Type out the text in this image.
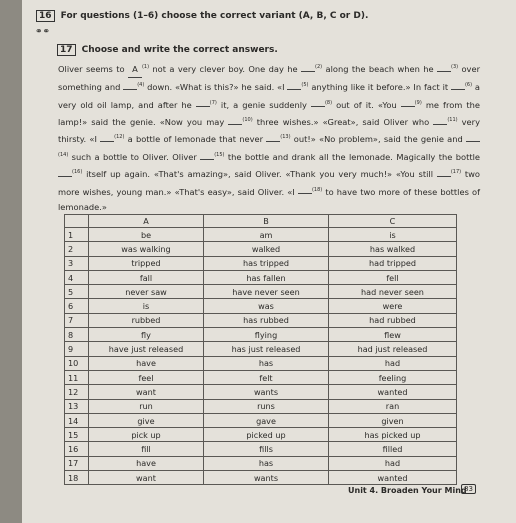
16 For questions (1–6) choose the correct variant (A, B, C or D).
⚭⚭
17 Choose and write the correct answers.
Oliver seems to A $^{(1)}$ not a very clever boy. One day he	$^{(2)}$ along the beach when he	$^{(3)}$ over something and	$^{(4)}$ down. «What is this?» he said. «I	$^{(5)}$ anything like it before.» In fact it	$^{(6)}$ a very old oil lamp, and after he	$^{(7)}$ it, a genie suddenly	$^{(8)}$ out of it. «You	$^{(9)}$ me from the lamp!» said the genie. «Now you may	$^{(10)}$ three wishes.» «Great», said Oliver who	$^{(11)}$ very thirsty. «I	$^{(12)}$ a bottle of lemonade that never	$^{(13)}$ out!» «No problem», said the genie and $^{(14)}$ such a bottle to Oliver. Oliver	$^{(15)}$ the bottle and drank all the lemonade. Magically the bottle $^{(16)}$ itself up again. «That's amazing», said Oliver. «Thank you very much!» «You still	$^{(17)}$ two more wishes, young man.» «That's easy», said Oliver. «I	$^{(18)}$ to have two more of these bottles of lemonade.»
	A	B	C
1	be	am	is
2	was walking	walked	has walked
3	tripped	has tripped	had tripped
4	fall	has fallen	fell
5	never saw	have never seen	had never seen
6	is	was	were
7	rubbed	has rubbed	had rubbed
8	fly	flying	flew
9	have just released	has just released	had just released
10	have	has	had
11	feel	felt	feeling
12	want	wants	wanted
13	run	runs	ran
14	give	gave	given
15	pick up	picked up	has picked up
16	fill	fills	filled
17	have	has	had
18	want	wants	wanted
Unit 4. Broaden Your Mind
83
